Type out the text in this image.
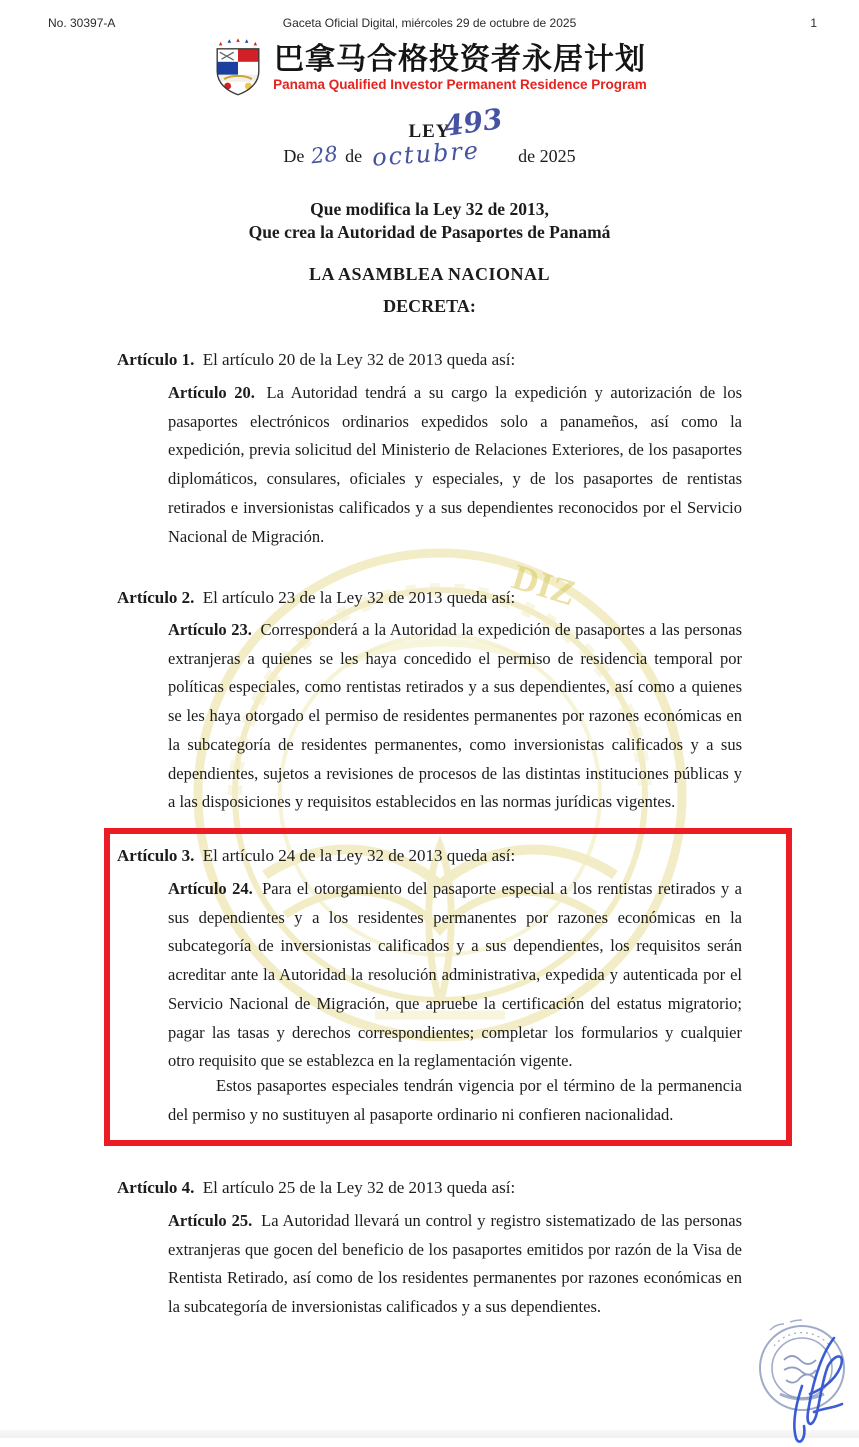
DIZ
No. 30397-A	Gaceta Oficial Digital, miércoles 29 de octubre de 2025	1
巴拿马合格投资者永居计划
Panama Qualified Investor Permanent Residence Program
LEY
493
De 28 de octubre de 2025
Que modifica la Ley 32 de 2013,
Que crea la Autoridad de Pasaportes de Panamá
LA ASAMBLEA NACIONAL
DECRETA:
Artículo 1. El artículo 20 de la Ley 32 de 2013 queda así:

Artículo 20. La Autoridad tendrá a su cargo la expedición y autorización de los pasaportes electrónicos ordinarios expedidos solo a panameños, así como la expedición, previa solicitud del Ministerio de Relaciones Exteriores, de los pasaportes diplomáticos, consulares, oficiales y especiales, y de los pasaportes de rentistas retirados e inversionistas calificados y a sus dependientes reconocidos por el Servicio Nacional de Migración.

Artículo 2. El artículo 23 de la Ley 32 de 2013 queda así:

Artículo 23. Corresponderá a la Autoridad la expedición de pasaportes a las personas extranjeras a quienes se les haya concedido el permiso de residencia temporal por políticas especiales, como rentistas retirados y a sus dependientes, así como a quienes se les haya otorgado el permiso de residentes permanentes por razones económicas en la subcategoría de residentes permanentes, como inversionistas calificados y a sus dependientes, sujetos a revisiones de procesos de las distintas instituciones públicas y a las disposiciones y requisitos establecidos en las normas jurídicas vigentes.

Artículo 3. El artículo 24 de la Ley 32 de 2013 queda así:

Artículo 24. Para el otorgamiento del pasaporte especial a los rentistas retirados y a sus dependientes y a los residentes permanentes por razones económicas en la subcategoría de inversionistas calificados y a sus dependientes, los requisitos serán acreditar ante la Autoridad la resolución administrativa, expedida y autenticada por el Servicio Nacional de Migración, que apruebe la certificación del estatus migratorio; pagar las tasas y derechos correspondientes; completar los formularios y cualquier otro requisito que se establezca en la reglamentación vigente.

Estos pasaportes especiales tendrán vigencia por el término de la permanencia del permiso y no sustituyen al pasaporte ordinario ni confieren nacionalidad.

Artículo 4. El artículo 25 de la Ley 32 de 2013 queda así:

Artículo 25. La Autoridad llevará un control y registro sistematizado de las personas extranjeras que gocen del beneficio de los pasaportes emitidos por razón de la Visa de Rentista Retirado, así como de los residentes permanentes por razones económicas en la subcategoría de inversionistas calificados y a sus dependientes.
